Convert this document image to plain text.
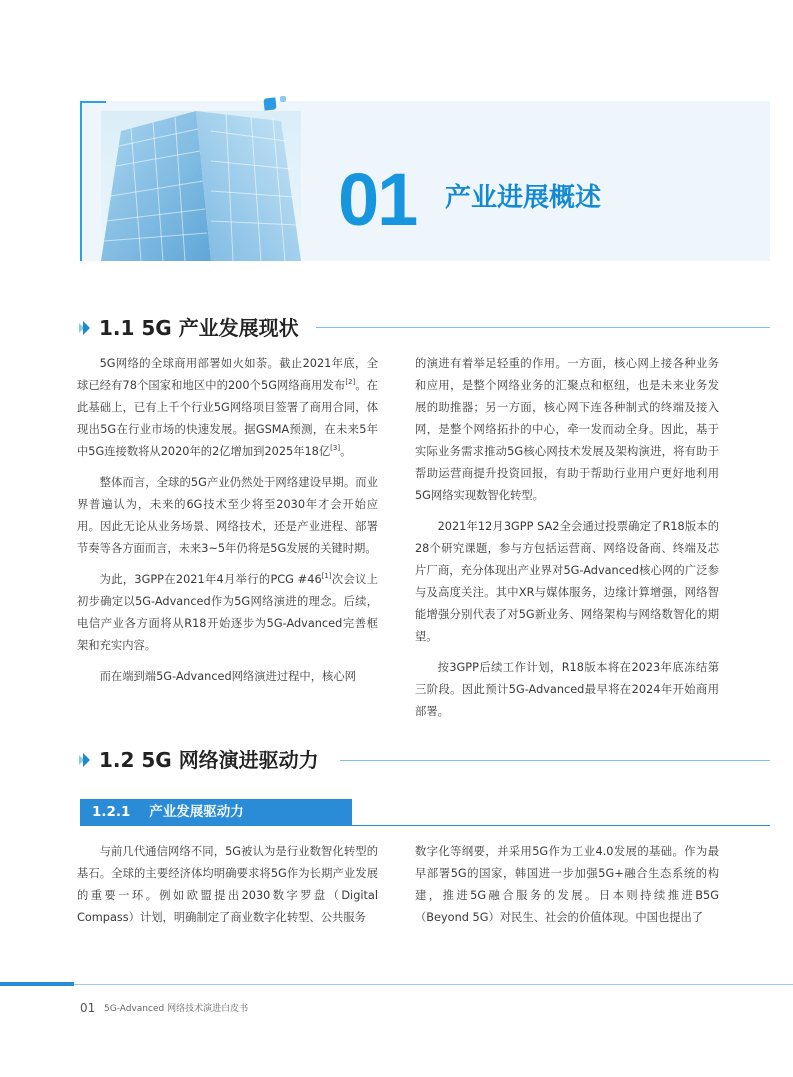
01 产业进展概述
1.1 5G 产业发展现状

5G网络的全球商用部署如火如荼。截止2021年底，全球已经有78个国家和地区中的200个5G网络商用发布[2]。在此基础上，已有上千个行业5G网络项目签署了商用合同，体现出5G在行业市场的快速发展。据GSMA预测，在未来5年中5G连接数将从2020年的2亿增加到2025年18亿[3]。

整体而言，全球的5G产业仍然处于网络建设早期。而业界普遍认为，未来的6G技术至少将至2030年才会开始应用。因此无论从业务场景、网络技术，还是产业进程、部署节奏等各方面而言，未来3~5年仍将是5G发展的关键时期。

为此，3GPP在2021年4月举行的PCG #46[1]次会议上初步确定以5G-Advanced作为5G网络演进的理念。后续，电信产业各方面将从R18开始逐步为5G-Advanced完善框架和充实内容。

而在端到端5G-Advanced网络演进过程中，核心网

的演进有着举足轻重的作用。一方面，核心网上接各种业务和应用，是整个网络业务的汇聚点和枢纽，也是未来业务发展的助推器；另一方面，核心网下连各种制式的终端及接入网，是整个网络拓扑的中心，牵一发而动全身。因此，基于实际业务需求推动5G核心网技术发展及架构演进，将有助于帮助运营商提升投资回报，有助于帮助行业用户更好地利用5G网络实现数智化转型。

2021年12月3GPP SA2全会通过投票确定了R18版本的28个研究课题，参与方包括运营商、网络设备商、终端及芯片厂商，充分体现出产业界对5G-Advanced核心网的广泛参与及高度关注。其中XR与媒体服务，边缘计算增强，网络智能增强分别代表了对5G新业务、网络架构与网络数智化的期望。

按3GPP后续工作计划，R18版本将在2023年底冻结第三阶段。因此预计5G-Advanced最早将在2024年开始商用部署。

1.2 5G 网络演进驱动力
1.2.1    产业发展驱动力

与前几代通信网络不同，5G被认为是行业数智化转型的基石。全球的主要经济体均明确要求将5G作为长期产业发展的重要一环。例如欧盟提出2030数字罗盘（Digital Compass）计划，明确制定了商业数字化转型、公共服务

数字化等纲要，并采用5G作为工业4.0发展的基础。作为最早部署5G的国家，韩国进一步加强5G+融合生态系统的构建，推进5G融合服务的发展。日本则持续推进B5G（Beyond 5G）对民生、社会的价值体现。中国也提出了

01 5G-Advanced 网络技术演进白皮书
